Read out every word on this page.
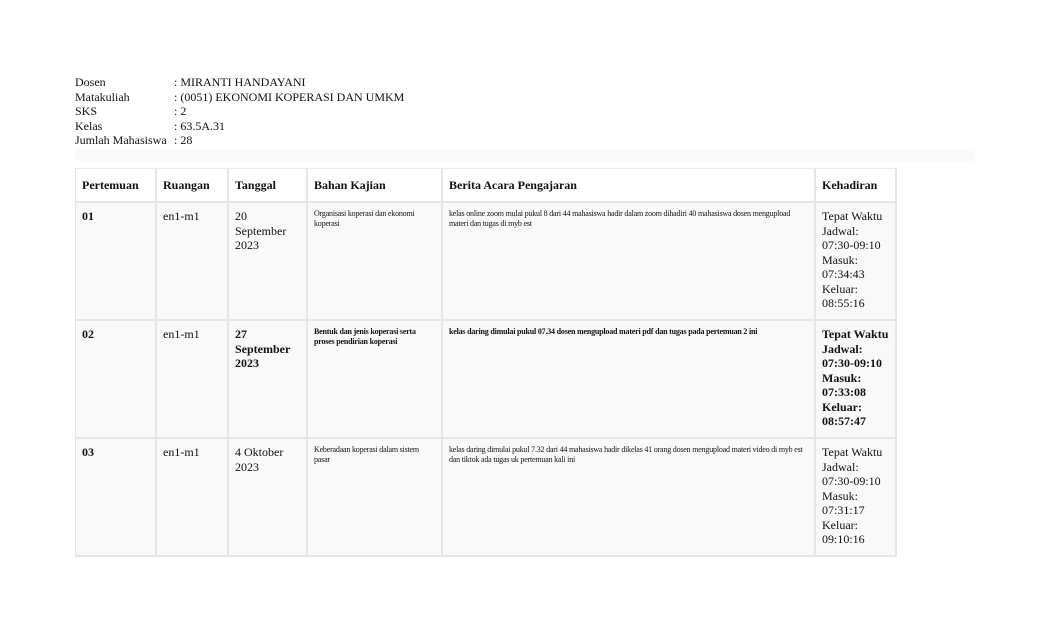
Dosen	: MIRANTI HANDAYANI
Matakuliah	: (0051) EKONOMI KOPERASI DAN UMKM
SKS	: 2
Kelas	: 63.5A.31
Jumlah Mahasiswa	: 28
Pertemuan	Ruangan	Tanggal	Bahan Kajian	Berita Acara Pengajaran	Kehadiran
01	en1-m1	20 September 2023	Organisasi koperasi dan ekonomi koperasi	kelas online zoom mulai pukul 8 dari 44 mahasiswa hadir dalam zoom dihadiri 40 mahasiswa dosen mengupload materi dan tugas di myb est	Tepat Waktu
Jadwal: 07:30-09:10
Masuk: 07:34:43
Keluar: 08:55:16

02	en1-m1	27 September 2023	Bentuk dan jenis koperasi serta proses pendirian koperasi	kelas daring dimulai pukul 07.34 dosen mengupload materi pdf dan tugas pada pertemuan 2 ini	Tepat Waktu
Jadwal: 07:30-09:10
Masuk: 07:33:08
Keluar: 08:57:47

03	en1-m1	4 Oktober 2023	Keberadaan koperasi dalam sistem pasar	kelas daring dimulai pukul 7.32 dari 44 mahasiswa hadir dikelas 41 orang dosen mengupload materi video di myb est dan tiktok ada tugas uk pertemuan kali ini	Tepat Waktu
Jadwal: 07:30-09:10
Masuk: 07:31:17
Keluar: 09:10:16
